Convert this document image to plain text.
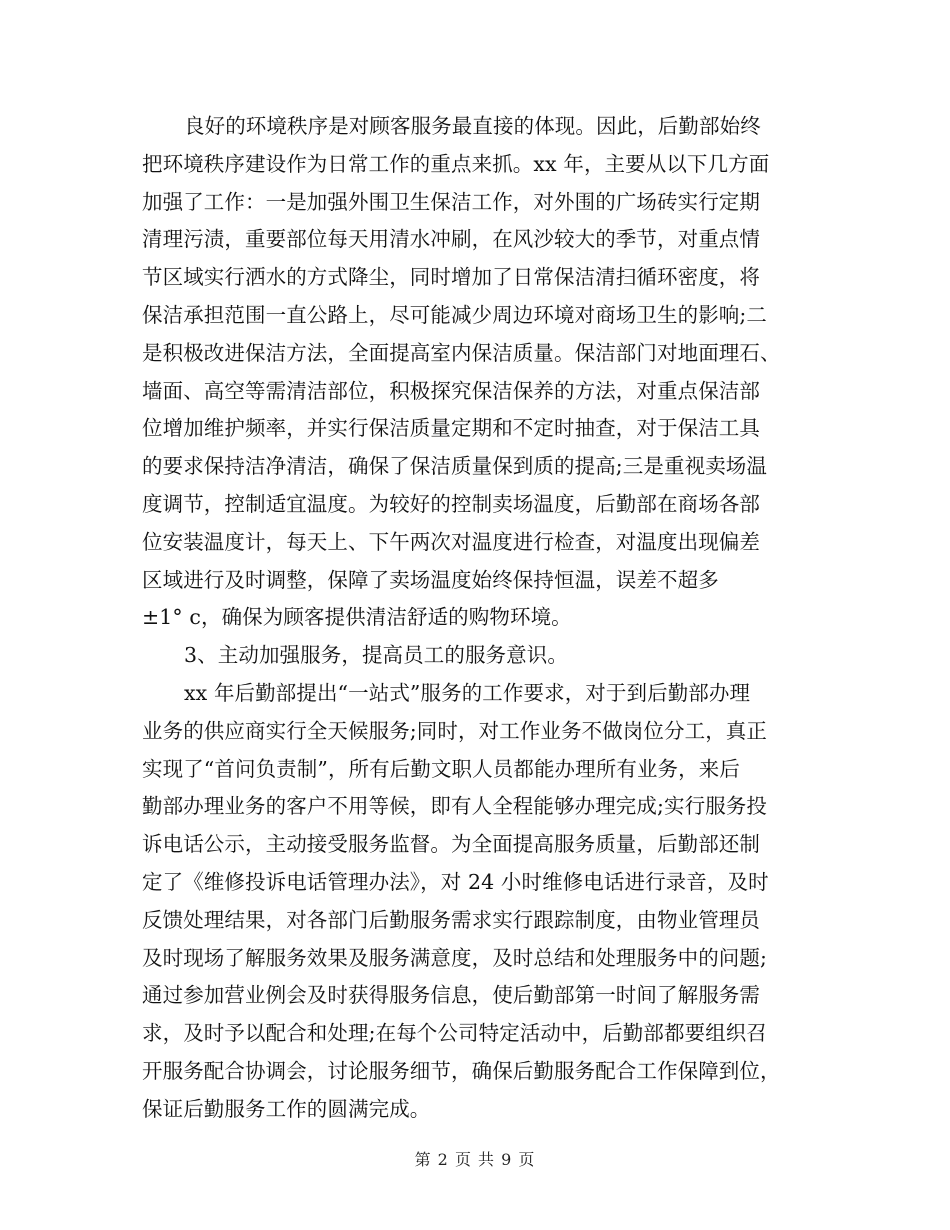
良好的环境秩序是对顾客服务最直接的体现。因此，后勤部始终
把环境秩序建设作为日常工作的重点来抓。xx 年，主要从以下几方面
加强了工作：一是加强外围卫生保洁工作，对外围的广场砖实行定期
清理污渍，重要部位每天用清水冲刷，在风沙较大的季节，对重点情
节区域实行洒水的方式降尘，同时增加了日常保洁清扫循环密度，将
保洁承担范围一直公路上，尽可能减少周边环境对商场卫生的影响;二
是积极改进保洁方法，全面提高室内保洁质量。保洁部门对地面理石、
墙面、高空等需清洁部位，积极探究保洁保养的方法，对重点保洁部
位增加维护频率，并实行保洁质量定期和不定时抽查，对于保洁工具
的要求保持洁净清洁，确保了保洁质量保到质的提高;三是重视卖场温
度调节，控制适宜温度。为较好的控制卖场温度，后勤部在商场各部
位安装温度计，每天上、下午两次对温度进行检查，对温度出现偏差
区域进行及时调整，保障了卖场温度始终保持恒温，误差不超多
±1° c，确保为顾客提供清洁舒适的购物环境。

3、主动加强服务，提高员工的服务意识。

xx 年后勤部提出“一站式”服务的工作要求，对于到后勤部办理
业务的供应商实行全天候服务;同时，对工作业务不做岗位分工，真正
实现了“首问负责制”，所有后勤文职人员都能办理所有业务，来后
勤部办理业务的客户不用等候，即有人全程能够办理完成;实行服务投
诉电话公示，主动接受服务监督。为全面提高服务质量，后勤部还制
定了《维修投诉电话管理办法》，对 24 小时维修电话进行录音，及时
反馈处理结果，对各部门后勤服务需求实行跟踪制度，由物业管理员
及时现场了解服务效果及服务满意度，及时总结和处理服务中的问题;
通过参加营业例会及时获得服务信息，使后勤部第一时间了解服务需
求，及时予以配合和处理;在每个公司特定活动中，后勤部都要组织召
开服务配合协调会，讨论服务细节，确保后勤服务配合工作保障到位，
保证后勤服务工作的圆满完成。

第 2 页 共 9 页
